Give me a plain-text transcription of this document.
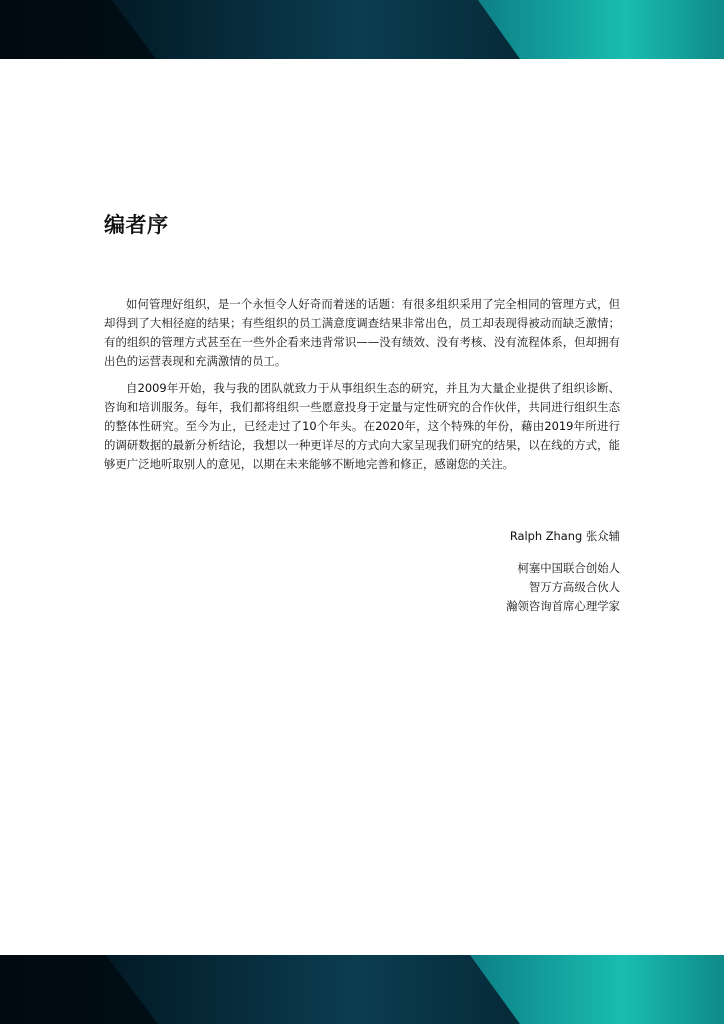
编者序

如何管理好组织，是一个永恒令人好奇而着迷的话题：有很多组织采用了完全相同的管理方式，但却得到了大相径庭的结果；有些组织的员工满意度调查结果非常出色，员工却表现得被动而缺乏激情；有的组织的管理方式甚至在一些外企看来违背常识——没有绩效、没有考核、没有流程体系，但却拥有出色的运营表现和充满激情的员工。

自2009年开始，我与我的团队就致力于从事组织生态的研究，并且为大量企业提供了组织诊断、咨询和培训服务。每年，我们都将组织一些愿意投身于定量与定性研究的合作伙伴，共同进行组织生态的整体性研究。至今为止，已经走过了10个年头。在2020年，这个特殊的年份，藉由2019年所进行的调研数据的最新分析结论，我想以一种更详尽的方式向大家呈现我们研究的结果，以在线的方式，能够更广泛地听取别人的意见，以期在未来能够不断地完善和修正，感谢您的关注。

Ralph Zhang 张众辅
柯塞中国联合创始人
智万方高级合伙人
瀚领咨询首席心理学家
